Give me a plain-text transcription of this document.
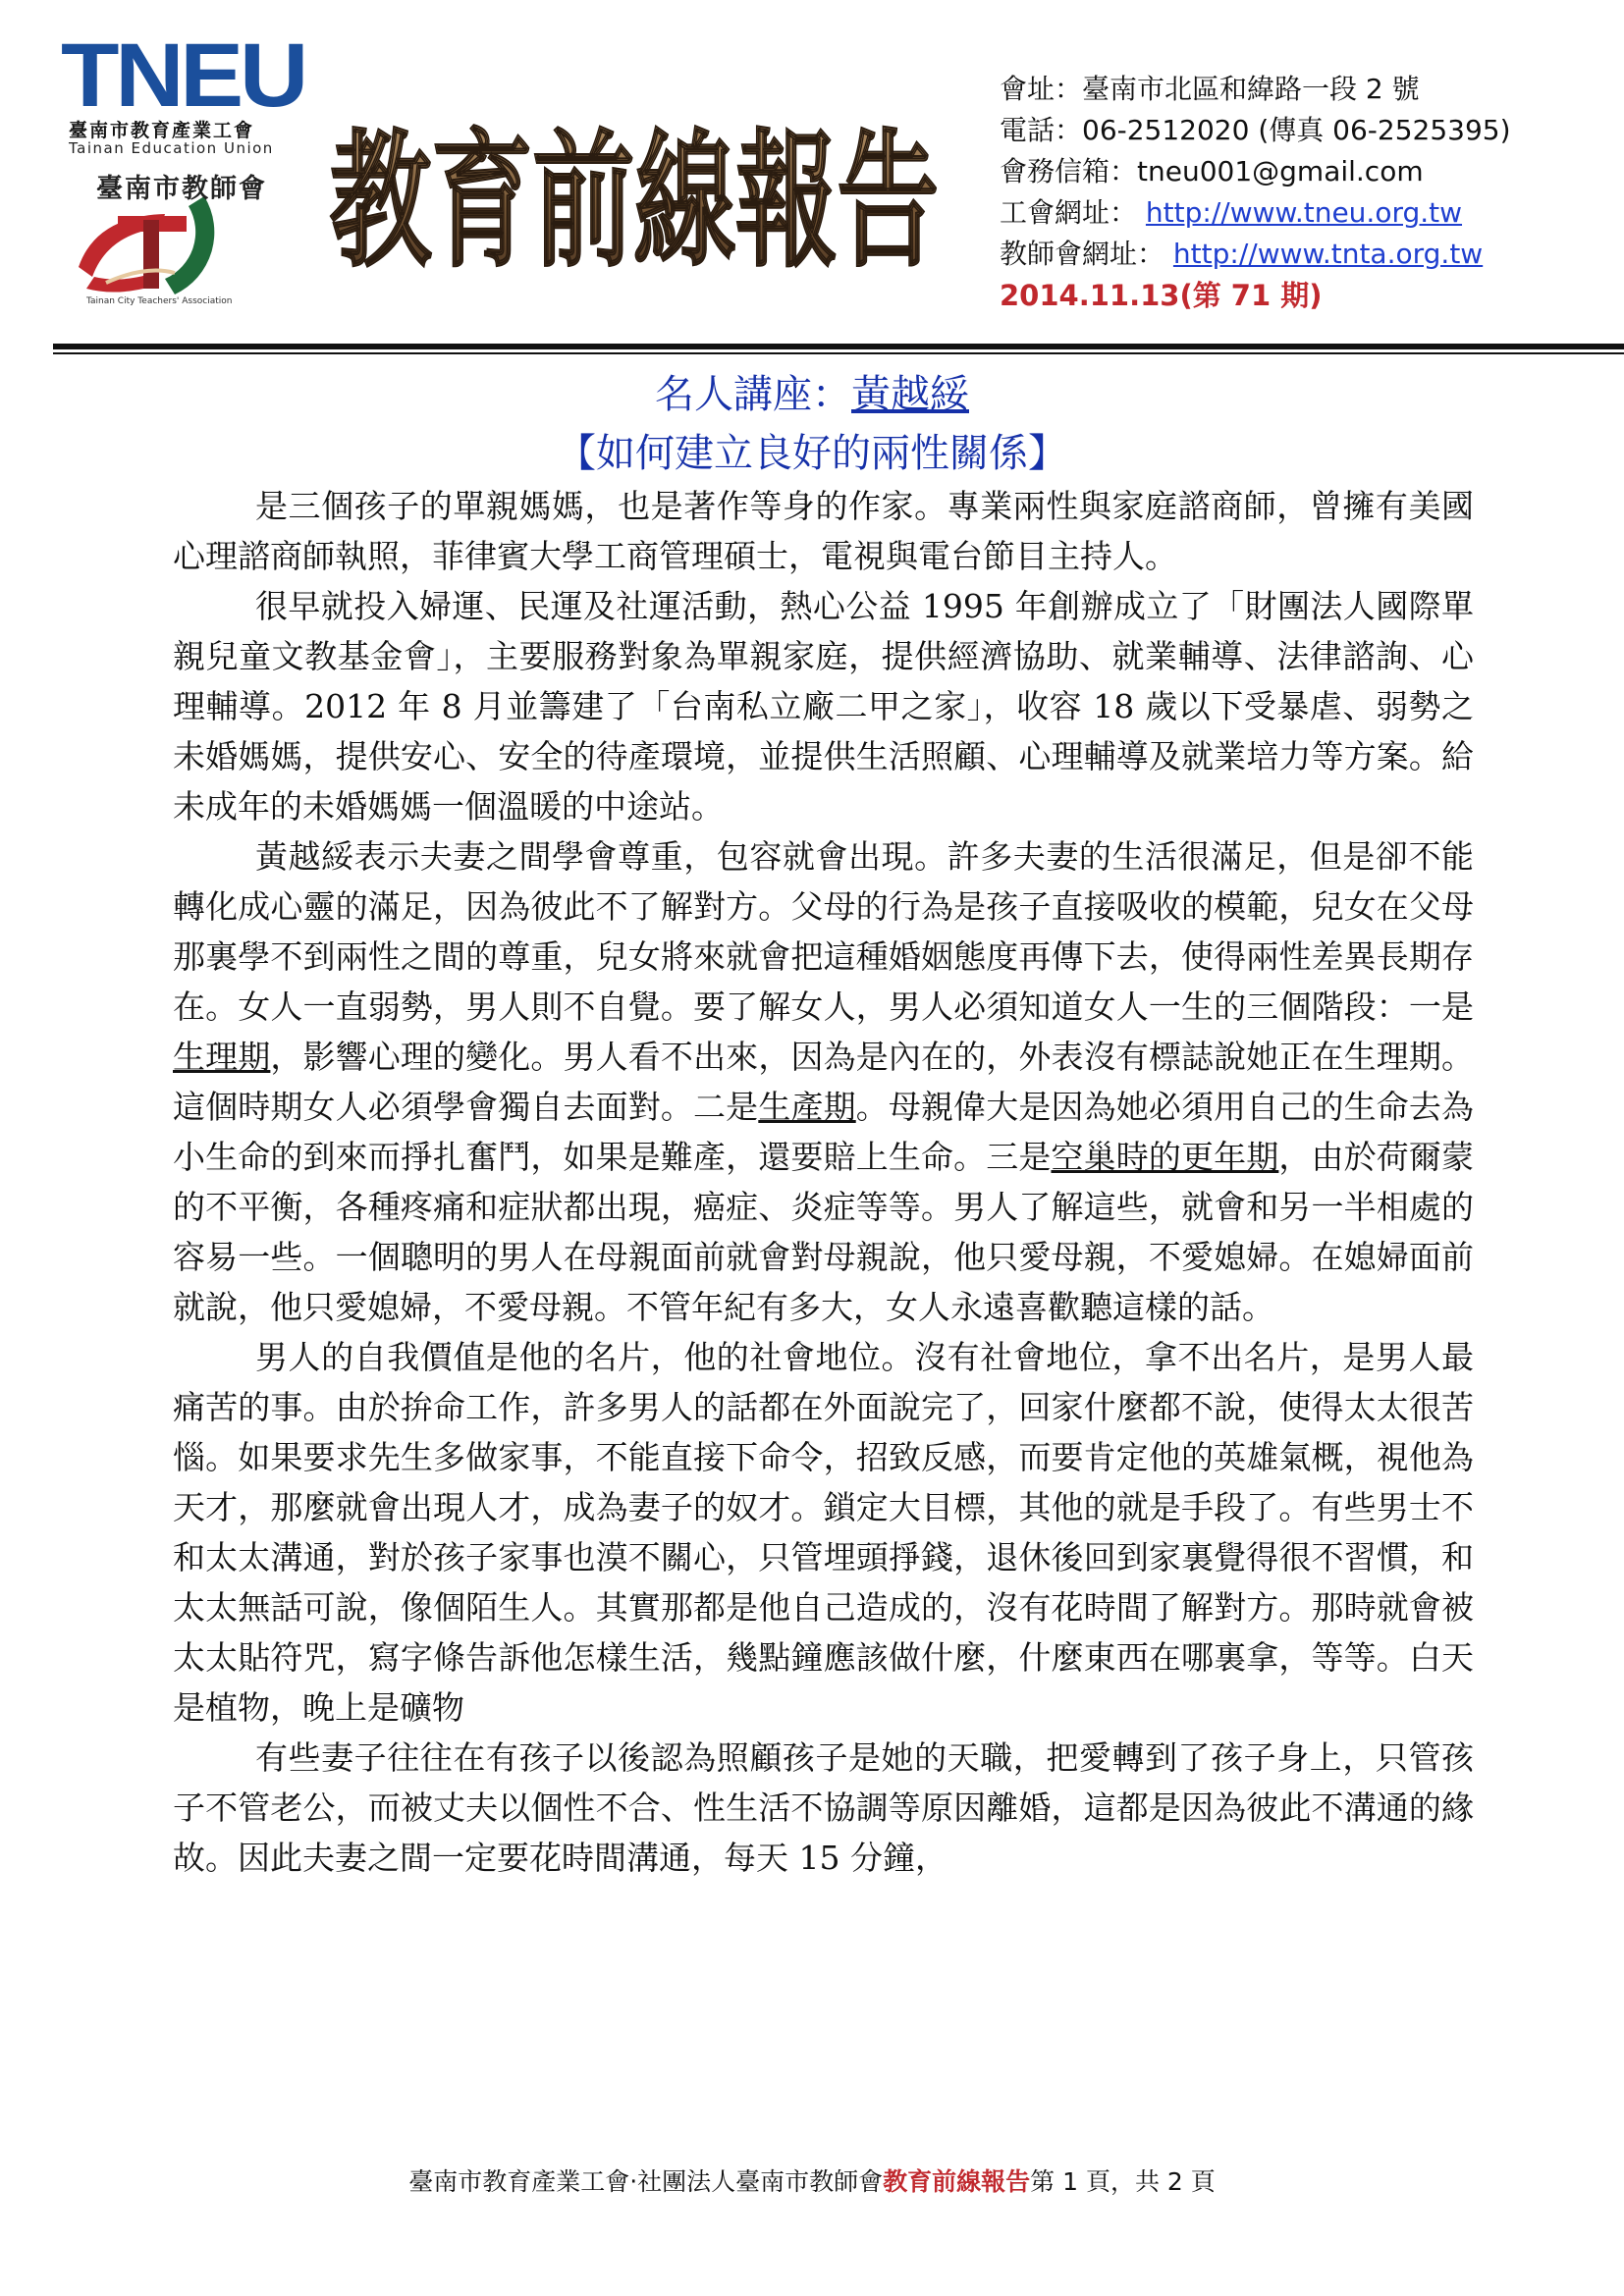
TNEU
臺南市教育產業工會
Tainan Education Union
臺南市教師會
Tainan City Teachers' Association
教育前線報告
會址：臺南市北區和緯路一段 2 號
電話：06-2512020 (傳真 06-2525395)
會務信箱：tneu001@gmail.com
工會網址： http://www.tneu.org.tw
教師會網址： http://www.tnta.org.tw
2014.11.13(第 71 期)
名人講座：黃越綏
【如何建立良好的兩性關係】

是三個孩子的單親媽媽，也是著作等身的作家。專業兩性與家庭諮商師，曾擁有美國心理諮商師執照，菲律賓大學工商管理碩士，電視與電台節目主持人。

很早就投入婦運、民運及社運活動，熱心公益 1995 年創辦成立了「財團法人國際單親兒童文教基金會」，主要服務對象為單親家庭，提供經濟協助、就業輔導、法律諮詢、心理輔導。2012 年 8 月並籌建了「台南私立廠二甲之家」，收容 18 歲以下受暴虐、弱勢之未婚媽媽，提供安心、安全的待產環境，並提供生活照顧、心理輔導及就業培力等方案。給未成年的未婚媽媽一個溫暖的中途站。

黃越綏表示夫妻之間學會尊重，包容就會出現。許多夫妻的生活很滿足，但是卻不能轉化成心靈的滿足，因為彼此不了解對方。父母的行為是孩子直接吸收的模範，兒女在父母那裏學不到兩性之間的尊重，兒女將來就會把這種婚姻態度再傳下去，使得兩性差異長期存在。女人一直弱勢，男人則不自覺。要了解女人，男人必須知道女人一生的三個階段：一是生理期，影響心理的變化。男人看不出來，因為是內在的，外表沒有標誌說她正在生理期。這個時期女人必須學會獨自去面對。二是生產期。母親偉大是因為她必須用自己的生命去為小生命的到來而掙扎奮鬥，如果是難產，還要賠上生命。三是空巢時的更年期，由於荷爾蒙的不平衡，各種疼痛和症狀都出現，癌症、炎症等等。男人了解這些，就會和另一半相處的容易一些。一個聰明的男人在母親面前就會對母親說，他只愛母親，不愛媳婦。在媳婦面前就說，他只愛媳婦，不愛母親。不管年紀有多大，女人永遠喜歡聽這樣的話。

男人的自我價值是他的名片，他的社會地位。沒有社會地位，拿不出名片，是男人最痛苦的事。由於拚命工作，許多男人的話都在外面說完了，回家什麼都不說，使得太太很苦惱。如果要求先生多做家事，不能直接下命令，招致反感，而要肯定他的英雄氣概，視他為天才，那麼就會出現人才，成為妻子的奴才。鎖定大目標，其他的就是手段了。有些男士不和太太溝通，對於孩子家事也漠不關心，只管埋頭掙錢，退休後回到家裏覺得很不習慣，和太太無話可說，像個陌生人。其實那都是他自己造成的，沒有花時間了解對方。那時就會被太太貼符咒，寫字條告訴他怎樣生活，幾點鐘應該做什麼，什麼東西在哪裏拿，等等。白天是植物，晚上是礦物

有些妻子往往在有孩子以後認為照顧孩子是她的天職，把愛轉到了孩子身上，只管孩子不管老公，而被丈夫以個性不合、性生活不協調等原因離婚，這都是因為彼此不溝通的緣故。因此夫妻之間一定要花時間溝通，每天 15 分鐘，

臺南市教育產業工會‧社團法人臺南市教師會教育前線報告第 1 頁，共 2 頁
